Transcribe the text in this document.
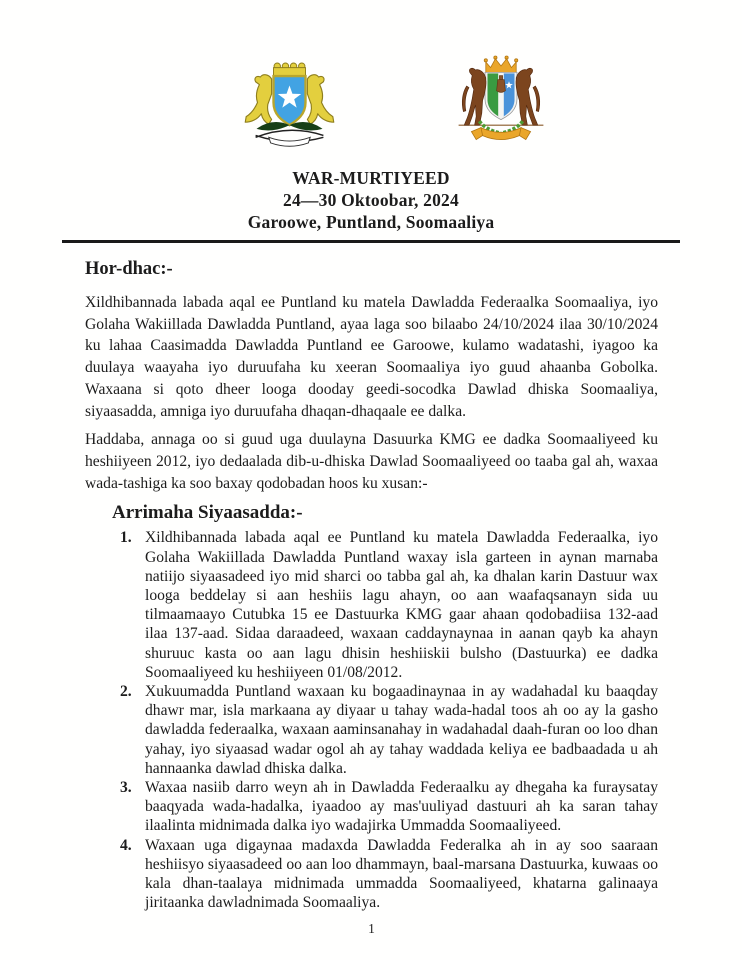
WAR-MURTIYEED
24—30 Oktoobar, 2024
Garoowe, Puntland, Soomaaliya
Hor-dhac:-

Xildhibannada labada aqal ee Puntland ku matela Dawladda Federaalka Soomaaliya, iyo Golaha Wakiillada Dawladda Puntland, ayaa laga soo bilaabo 24/10/2024 ilaa 30/10/2024 ku lahaa Caasimadda Dawladda Puntland ee Garoowe, kulamo wadatashi, iyagoo ka duulaya waayaha iyo duruufaha ku xeeran Soomaaliya iyo guud ahaanba Gobolka. Waxaana si qoto dheer looga dooday geedi-socodka Dawlad dhiska Soomaaliya, siyaasadda, amniga iyo duruufaha dhaqan-dhaqaale ee dalka.

Haddaba, annaga oo si guud uga duulayna Dasuurka KMG ee dadka Soomaaliyeed ku heshiiyeen 2012, iyo dedaalada dib-u-dhiska Dawlad Soomaaliyeed oo taaba gal ah, waxaa wada-tashiga ka soo baxay qodobadan hoos ku xusan:-

Arrimaha Siyaasadda:-
1. Xildhibannada labada aqal ee Puntland ku matela Dawladda Federaalka, iyo Golaha Wakiillada Dawladda Puntland waxay isla garteen in aynan marnaba natiijo siyaasadeed iyo mid sharci oo tabba gal ah, ka dhalan karin Dastuur wax looga beddelay si aan heshiis lagu ahayn, oo aan waafaqsanayn sida uu tilmaamaayo Cutubka 15 ee Dastuurka KMG gaar ahaan qodobadiisa 132-aad ilaa 137-aad. Sidaa daraadeed, waxaan caddaynaynaa in aanan qayb ka ahayn shuruuc kasta oo aan lagu dhisin heshiiskii bulsho (Dastuurka) ee dadka Soomaaliyeed ku heshiiyeen 01/08/2012.
2. Xukuumadda Puntland waxaan ku bogaadinaynaa in ay wadahadal ku baaqday dhawr mar, isla markaana ay diyaar u tahay wada-hadal toos ah oo ay la gasho dawladda federaalka, waxaan aaminsanahay in wadahadal daah-furan oo loo dhan yahay, iyo siyaasad wadar ogol ah ay tahay waddada keliya ee badbaadada u ah hannaanka dawlad dhiska dalka.
3. Waxaa nasiib darro weyn ah in Dawladda Federaalku ay dhegaha ka furaysatay baaqyada wada-hadalka, iyaadoo ay mas'uuliyad dastuuri ah ka saran tahay ilaalinta midnimada dalka iyo wadajirka Ummadda Soomaaliyeed.
4. Waxaan uga digaynaa madaxda Dawladda Federalka ah in ay soo saaraan heshiisyo siyaasadeed oo aan loo dhammayn, baal-marsana Dastuurka, kuwaas oo kala dhan-taalaya midnimada ummadda Soomaaliyeed, khatarna galinaaya jiritaanka dawladnimada Soomaaliya.
1
